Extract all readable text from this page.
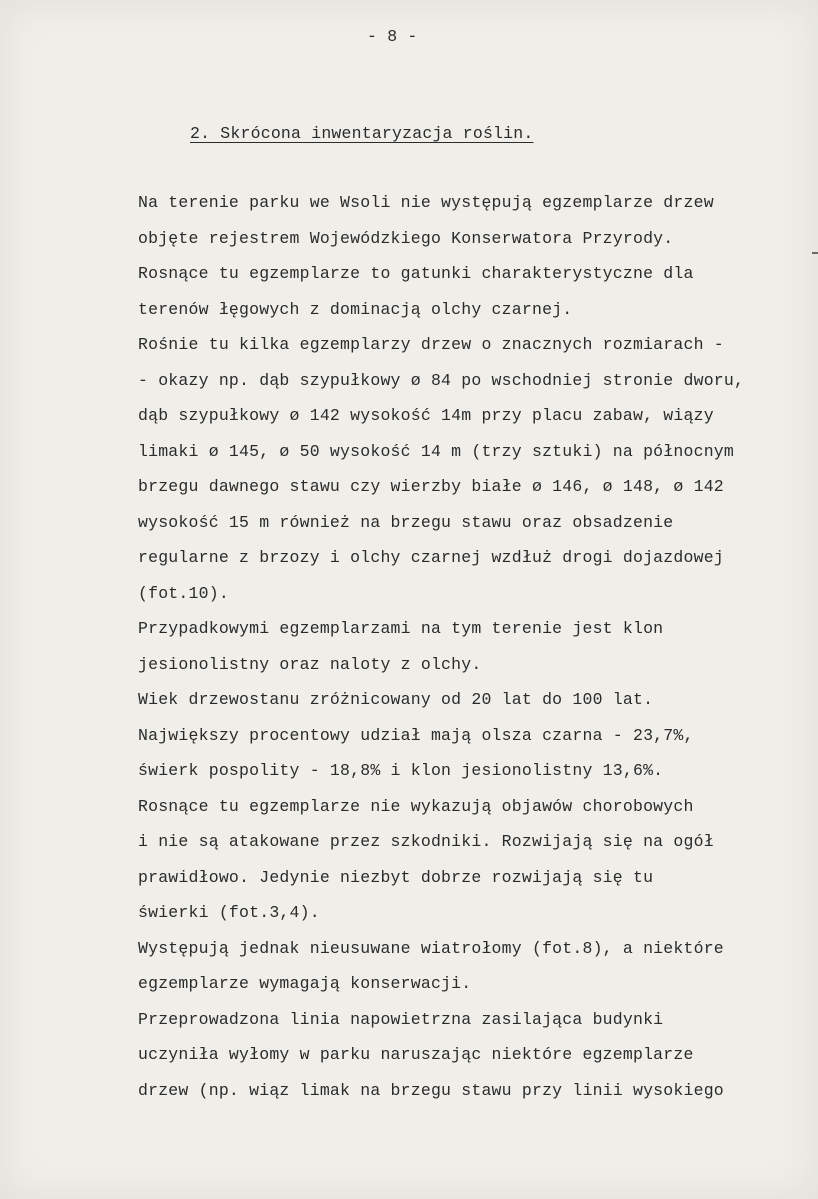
- 8 -
2. Skrócona inwentaryzacja roślin.
Na terenie parku we Wsoli nie występują egzemplarze drzew
objęte rejestrem Wojewódzkiego Konserwatora Przyrody.
Rosnące tu egzemplarze to gatunki charakterystyczne dla
terenów łęgowych z dominacją olchy czarnej.
Rośnie tu kilka egzemplarzy drzew o znacznych rozmiarach -
- okazy np. dąb szypułkowy ø 84 po wschodniej stronie dworu,
dąb szypułkowy ø 142 wysokość 14m przy placu zabaw, wiązy
limaki ø 145, ø 50 wysokość 14 m (trzy sztuki) na północnym
brzegu dawnego stawu czy wierzby białe ø 146, ø 148, ø 142
wysokość 15 m również na brzegu stawu oraz obsadzenie
regularne z brzozy i olchy czarnej wzdłuż drogi dojazdowej
(fot.10).
Przypadkowymi egzemplarzami na tym terenie jest klon
jesionolistny oraz naloty z olchy.
Wiek drzewostanu zróżnicowany od 20 lat do 100 lat.
Największy procentowy udział mają olsza czarna - 23,7%,
świerk pospolity - 18,8% i klon jesionolistny 13,6%.
Rosnące tu egzemplarze nie wykazują objawów chorobowych
i nie są atakowane przez szkodniki. Rozwijają się na ogół
prawidłowo. Jedynie niezbyt dobrze rozwijają się tu
świerki (fot.3,4).
Występują jednak nieusuwane wiatrołomy (fot.8), a niektóre
egzemplarze wymagają konserwacji.
Przeprowadzona linia napowietrzna zasilająca budynki
uczyniła wyłomy w parku naruszając niektóre egzemplarze
drzew (np. wiąz limak na brzegu stawu przy linii wysokiego
